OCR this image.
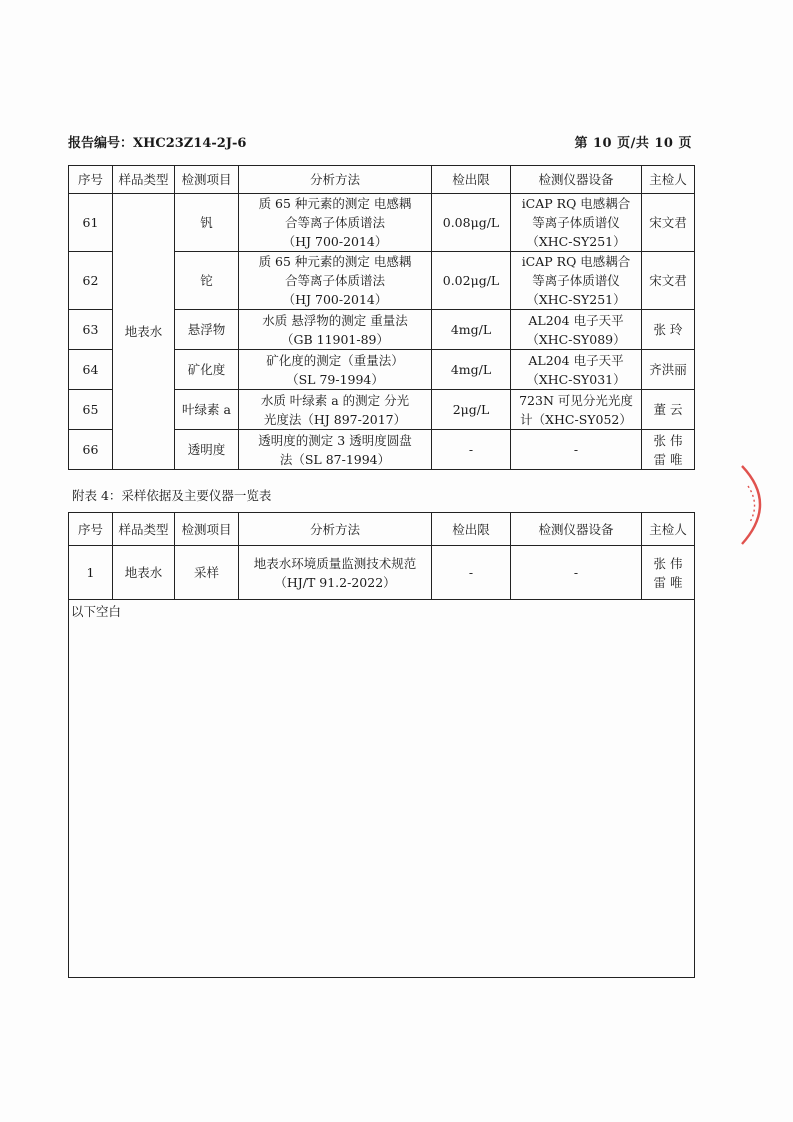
报告编号：XHC23Z14-2J-6	第 10 页/共 10 页
序号	样品类型	检测项目	分析方法	检出限	检测仪器设备	主检人
61	地表水	钒	质 65 种元素的测定 电感耦
合等离子体质谱法
（HJ 700-2014）	0.08μg/L	iCAP RQ 电感耦合
等离子体质谱仪
（XHC-SY251）	宋文君

62		铊	质 65 种元素的测定 电感耦
合等离子体质谱法
（HJ 700-2014）	0.02μg/L	iCAP RQ 电感耦合
等离子体质谱仪
（XHC-SY251）	宋文君

63		悬浮物	水质 悬浮物的测定 重量法
（GB 11901-89）	4mg/L	AL204 电子天平
（XHC-SY089）	张 玲

64		矿化度	矿化度的测定（重量法）
（SL 79-1994）	4mg/L	AL204 电子天平
（XHC-SY031）	齐洪丽

65		叶绿素 a	水质 叶绿素 a 的测定 分光
光度法（HJ 897-2017）	2μg/L	723N 可见分光光度
计（XHC-SY052）	董 云

66		透明度	透明度的测定 3 透明度圆盘
法（SL 87-1994）	-	-	张 伟
雷 唯
附表 4：采样依据及主要仪器一览表
序号	样品类型	检测项目	分析方法	检出限	检测仪器设备	主检人
1	地表水	采样	地表水环境质量监测技术规范
（HJ/T 91.2-2022）	-	-	张 伟
雷 唯
以下空白
